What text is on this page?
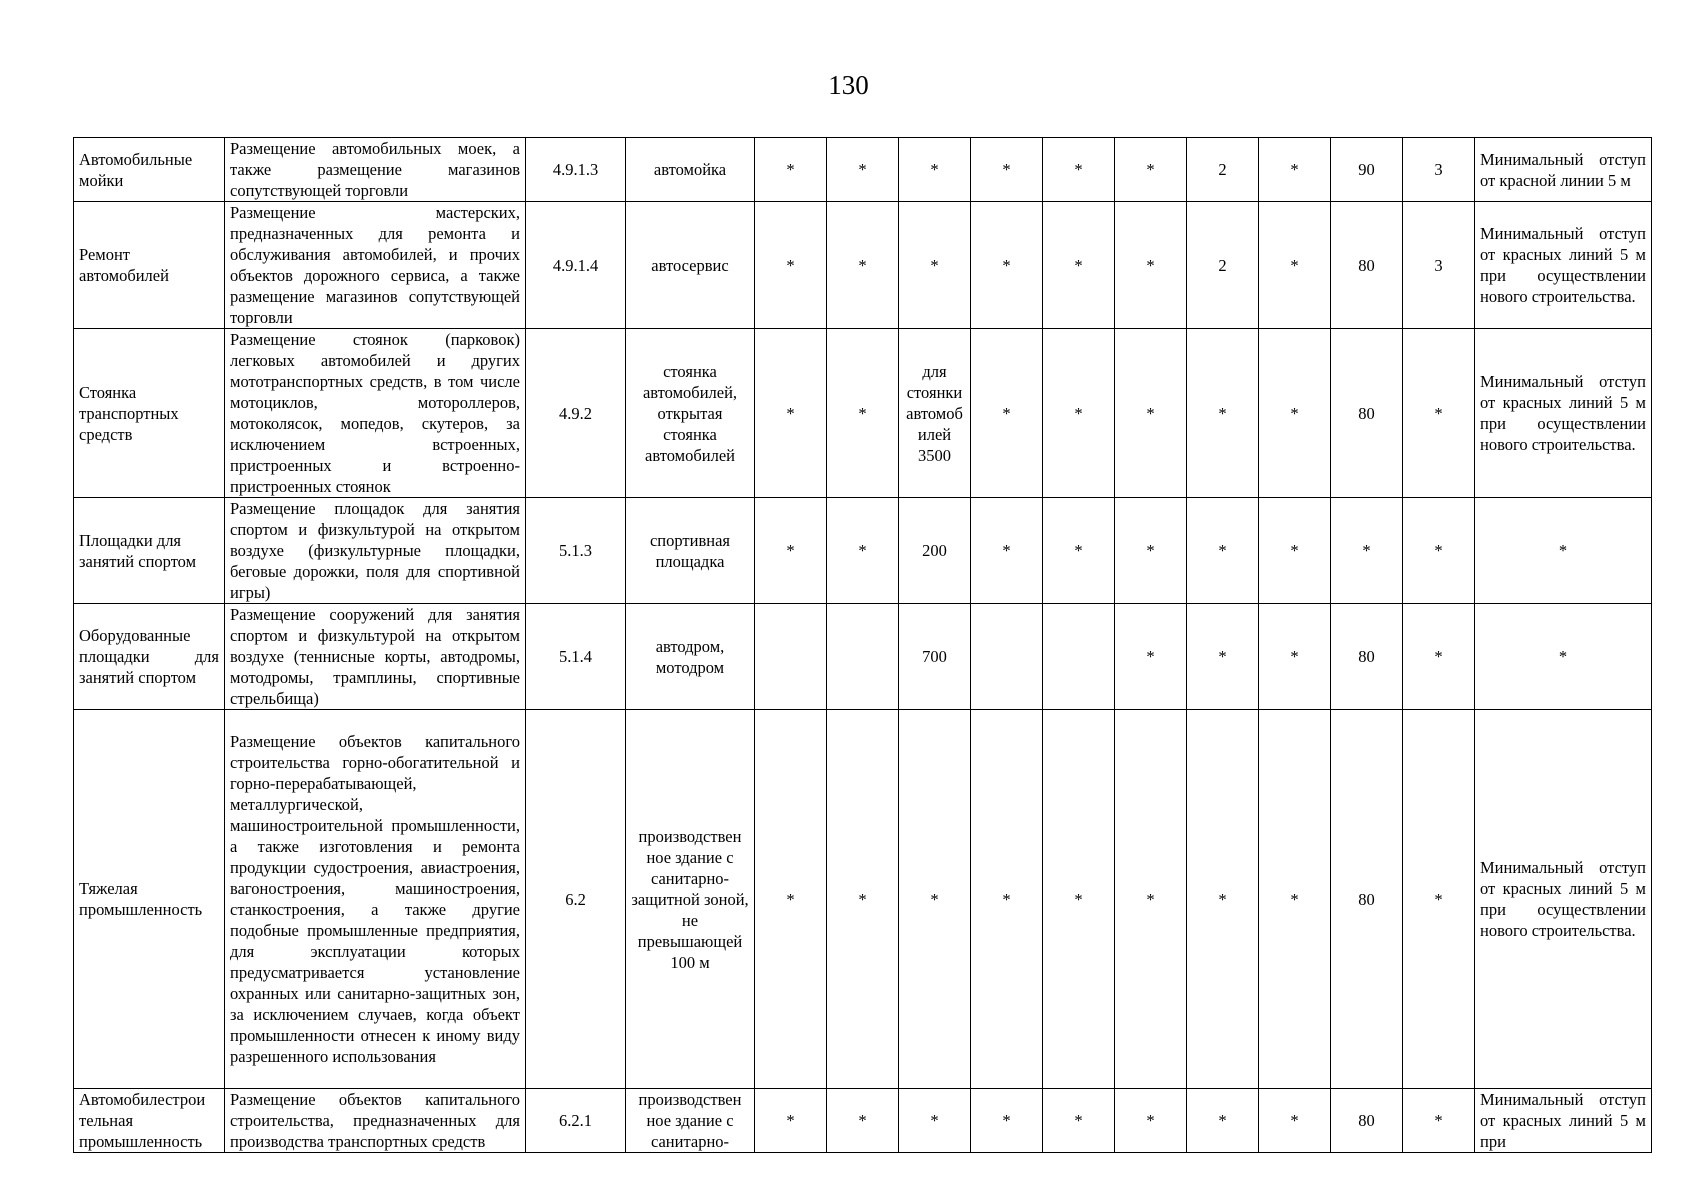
130
Автомобильные мойки	Размещение автомобильных моек, а также размещение магазинов сопутствующей торговли	4.9.1.3	автомойка	*	*	*	*	*	*	2	*	90	3	Минимальный отступ от красной линии 5 м
Ремонт автомобилей	Размещение мастерских, предназначенных для ремонта и обслуживания автомобилей, и прочих объектов дорожного сервиса, а также размещение магазинов сопутствующей торговли	4.9.1.4	автосервис	*	*	*	*	*	*	2	*	80	3	Минимальный отступ от красных линий 5 м при осуществлении нового строительства.
Стоянка транспортных средств	Размещение стоянок (парковок) легковых автомобилей и других мототранспортных средств, в том числе мотоциклов, мотороллеров, мотоколясок, мопедов, скутеров, за исключением встроенных, пристроенных и встроенно-пристроенных стоянок	4.9.2	стоянка автомобилей, открытая стоянка автомобилей	*	*	для стоянки автомоб илей 3500	*	*	*	*	*	80	*	Минимальный отступ от красных линий 5 м при осуществлении нового строительства.
Площадки для занятий спортом	Размещение площадок для занятия спортом и физкультурой на открытом воздухе (физкультурные площадки, беговые дорожки, поля для спортивной игры)	5.1.3	спортивная площадка	*	*	200	*	*	*	*	*	*	*	*
Оборудованные площадки для занятий спортом	Размещение сооружений для занятия спортом и физкультурой на открытом воздухе (теннисные корты, автодромы, мотодромы, трамплины, спортивные стрельбища)	5.1.4	автодром, мотодром			700			*	*	*	80	*	*
Тяжелая промышленность	Размещение объектов капитального строительства горно-обогатительной и горно-перерабатывающей, металлургической, машиностроительной промышленности, а также изготовления и ремонта продукции судостроения, авиастроения, вагоностроения, машиностроения, станкостроения, а также другие подобные промышленные предприятия, для эксплуатации которых предусматривается установление охранных или санитарно-защитных зон, за исключением случаев, когда объект промышленности отнесен к иному виду разрешенного использования	6.2	производствен ное здание с санитарно-защитной зоной, не превышающей 100 м	*	*	*	*	*	*	*	*	80	*	Минимальный отступ от красных линий 5 м при осуществлении нового строительства.
Автомобилестрои тельная промышленность	Размещение объектов капитального строительства, предназначенных для производства транспортных средств	6.2.1	производствен ное здание с санитарно-	*	*	*	*	*	*	*	*	80	*	Минимальный отступ от красных линий 5 м при
